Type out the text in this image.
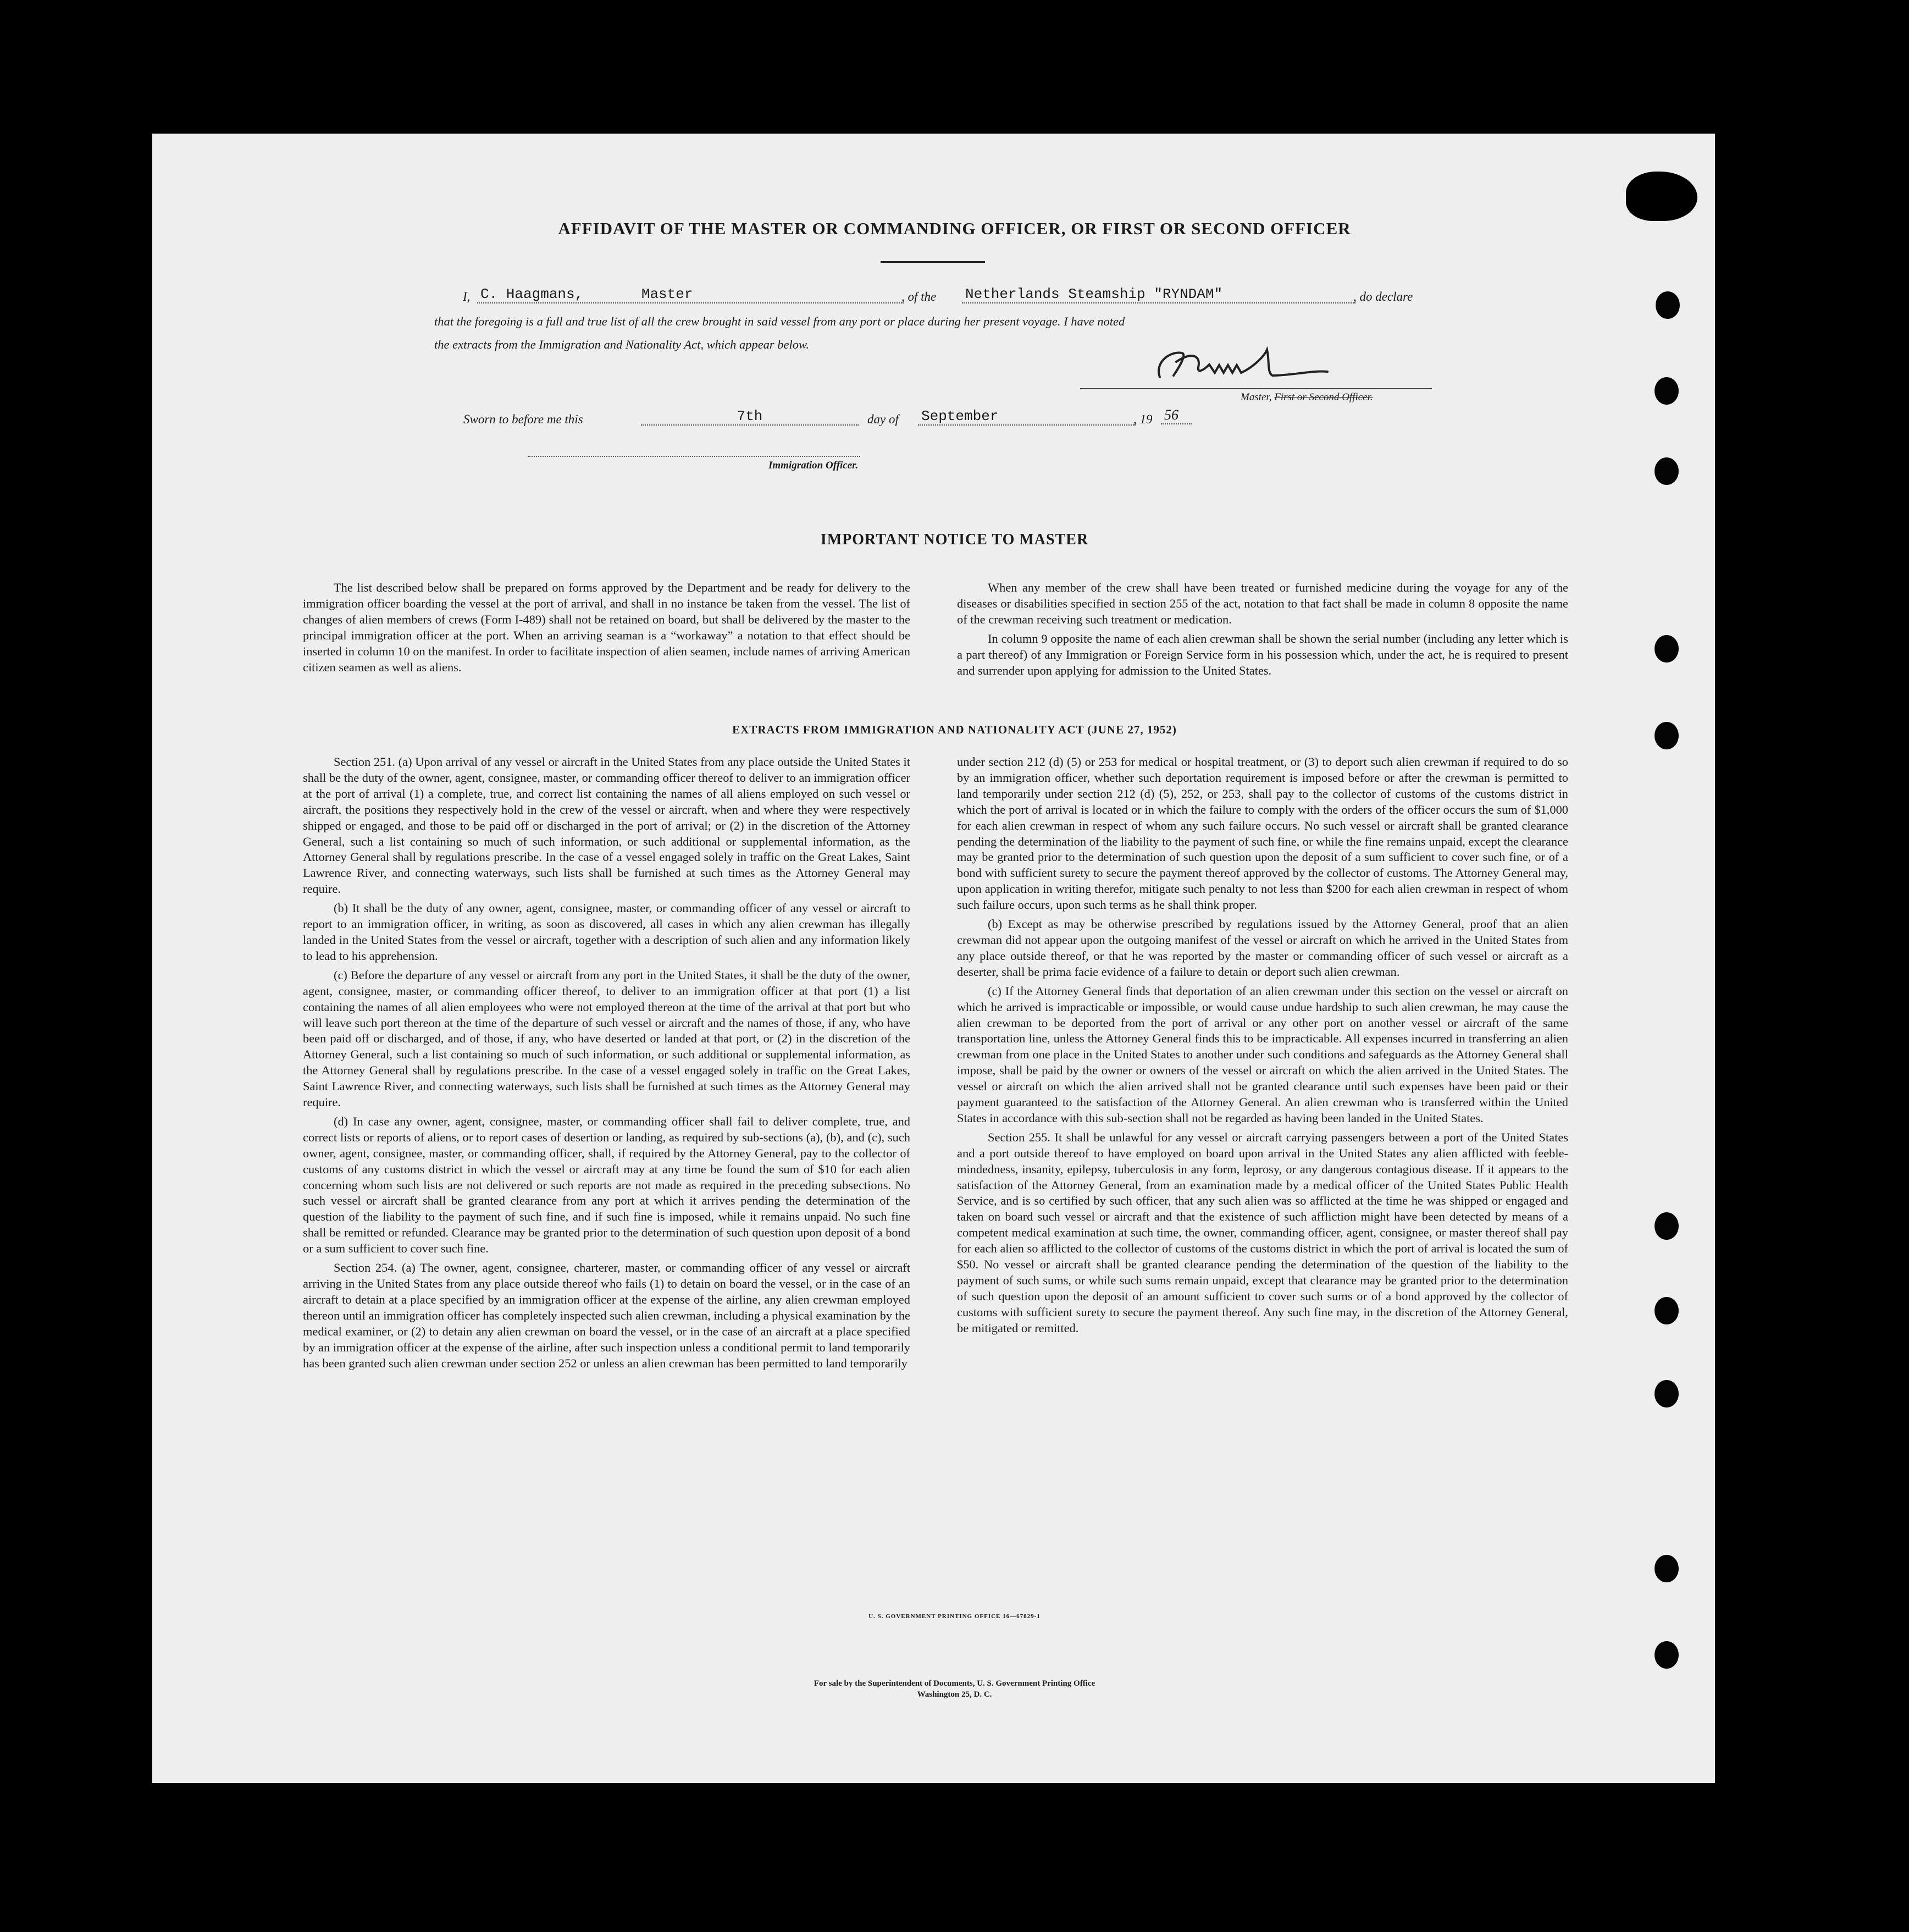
AFFIDAVIT OF THE MASTER OR COMMANDING OFFICER, OR FIRST OR SECOND OFFICER
I, C. Haagmans,	Master	, of the Netherlands Steamship "RYNDAM"	, do declare
that the foregoing is a full and true list of all the crew brought in said vessel from any port or place during her present voyage. I have noted
the extracts from the Immigration and Nationality Act, which appear below.
Master, First or Second Officer.
Sworn to before me this	7th	day of September	, 19 56
Immigration Officer.
IMPORTANT NOTICE TO MASTER

The list described below shall be prepared on forms approved by the Department and be ready for delivery to the immigration officer boarding the vessel at the port of arrival, and shall in no instance be taken from the vessel. The list of changes of alien members of crews (Form I-489) shall not be retained on board, but shall be delivered by the master to the principal immigration officer at the port. When an arriving seaman is a “workaway” a notation to that effect should be inserted in column 10 on the manifest. In order to facilitate inspection of alien seamen, include names of arriving American citizen seamen as well as aliens.

When any member of the crew shall have been treated or furnished medicine during the voyage for any of the diseases or disabilities specified in section 255 of the act, notation to that fact shall be made in column 8 opposite the name of the crewman receiving such treatment or medication.

In column 9 opposite the name of each alien crewman shall be shown the serial number (including any letter which is a part thereof) of any Immigration or Foreign Service form in his possession which, under the act, he is required to present and surrender upon applying for admission to the United States.

EXTRACTS FROM IMMIGRATION AND NATIONALITY ACT (JUNE 27, 1952)

Section 251. (a) Upon arrival of any vessel or aircraft in the United States from any place outside the United States it shall be the duty of the owner, agent, consignee, master, or commanding officer thereof to deliver to an immigration officer at the port of arrival (1) a complete, true, and correct list containing the names of all aliens employed on such vessel or aircraft, the positions they respectively hold in the crew of the vessel or aircraft, when and where they were respectively shipped or engaged, and those to be paid off or discharged in the port of arrival; or (2) in the discretion of the Attorney General, such a list containing so much of such information, or such additional or supplemental information, as the Attorney General shall by regulations prescribe. In the case of a vessel engaged solely in traffic on the Great Lakes, Saint Lawrence River, and connecting waterways, such lists shall be furnished at such times as the Attorney General may require.

(b) It shall be the duty of any owner, agent, consignee, master, or commanding officer of any vessel or aircraft to report to an immigration officer, in writing, as soon as discovered, all cases in which any alien crewman has illegally landed in the United States from the vessel or aircraft, together with a description of such alien and any information likely to lead to his apprehension.

(c) Before the departure of any vessel or aircraft from any port in the United States, it shall be the duty of the owner, agent, consignee, master, or commanding officer thereof, to deliver to an immigration officer at that port (1) a list containing the names of all alien employees who were not employed thereon at the time of the arrival at that port but who will leave such port thereon at the time of the departure of such vessel or aircraft and the names of those, if any, who have been paid off or discharged, and of those, if any, who have deserted or landed at that port, or (2) in the discretion of the Attorney General, such a list containing so much of such information, or such additional or supplemental information, as the Attorney General shall by regulations prescribe. In the case of a vessel engaged solely in traffic on the Great Lakes, Saint Lawrence River, and connecting waterways, such lists shall be furnished at such times as the Attorney General may require.

(d) In case any owner, agent, consignee, master, or commanding officer shall fail to deliver complete, true, and correct lists or reports of aliens, or to report cases of desertion or landing, as required by sub-sections (a), (b), and (c), such owner, agent, consignee, master, or commanding officer, shall, if required by the Attorney General, pay to the collector of customs of any customs district in which the vessel or aircraft may at any time be found the sum of $10 for each alien concerning whom such lists are not delivered or such reports are not made as required in the preceding subsections. No such vessel or aircraft shall be granted clearance from any port at which it arrives pending the determination of the question of the liability to the payment of such fine, and if such fine is imposed, while it remains unpaid. No such fine shall be remitted or refunded. Clearance may be granted prior to the determination of such question upon deposit of a bond or a sum sufficient to cover such fine.

Section 254. (a) The owner, agent, consignee, charterer, master, or commanding officer of any vessel or aircraft arriving in the United States from any place outside thereof who fails (1) to detain on board the vessel, or in the case of an aircraft to detain at a place specified by an immigration officer at the expense of the airline, any alien crewman employed thereon until an immigration officer has completely inspected such alien crewman, including a physical examination by the medical examiner, or (2) to detain any alien crewman on board the vessel, or in the case of an aircraft at a place specified by an immigration officer at the expense of the airline, after such inspection unless a conditional permit to land temporarily has been granted such alien crewman under section 252 or unless an alien crewman has been permitted to land temporarily

under section 212 (d) (5) or 253 for medical or hospital treatment, or (3) to deport such alien crewman if required to do so by an immigration officer, whether such deportation requirement is imposed before or after the crewman is permitted to land temporarily under section 212 (d) (5), 252, or 253, shall pay to the collector of customs of the customs district in which the port of arrival is located or in which the failure to comply with the orders of the officer occurs the sum of $1,000 for each alien crewman in respect of whom any such failure occurs. No such vessel or aircraft shall be granted clearance pending the determination of the liability to the payment of such fine, or while the fine remains unpaid, except the clearance may be granted prior to the determination of such question upon the deposit of a sum sufficient to cover such fine, or of a bond with sufficient surety to secure the payment thereof approved by the collector of customs. The Attorney General may, upon application in writing therefor, mitigate such penalty to not less than $200 for each alien crewman in respect of whom such failure occurs, upon such terms as he shall think proper.

(b) Except as may be otherwise prescribed by regulations issued by the Attorney General, proof that an alien crewman did not appear upon the outgoing manifest of the vessel or aircraft on which he arrived in the United States from any place outside thereof, or that he was reported by the master or commanding officer of such vessel or aircraft as a deserter, shall be prima facie evidence of a failure to detain or deport such alien crewman.

(c) If the Attorney General finds that deportation of an alien crewman under this section on the vessel or aircraft on which he arrived is impracticable or impossible, or would cause undue hardship to such alien crewman, he may cause the alien crewman to be deported from the port of arrival or any other port on another vessel or aircraft of the same transportation line, unless the Attorney General finds this to be impracticable. All expenses incurred in transferring an alien crewman from one place in the United States to another under such conditions and safeguards as the Attorney General shall impose, shall be paid by the owner or owners of the vessel or aircraft on which the alien arrived in the United States. The vessel or aircraft on which the alien arrived shall not be granted clearance until such expenses have been paid or their payment guaranteed to the satisfaction of the Attorney General. An alien crewman who is transferred within the United States in accordance with this sub-section shall not be regarded as having been landed in the United States.

Section 255. It shall be unlawful for any vessel or aircraft carrying passengers between a port of the United States and a port outside thereof to have employed on board upon arrival in the United States any alien afflicted with feeble-mindedness, insanity, epilepsy, tuberculosis in any form, leprosy, or any dangerous contagious disease. If it appears to the satisfaction of the Attorney General, from an examination made by a medical officer of the United States Public Health Service, and is so certified by such officer, that any such alien was so afflicted at the time he was shipped or engaged and taken on board such vessel or aircraft and that the existence of such affliction might have been detected by means of a competent medical examination at such time, the owner, commanding officer, agent, consignee, or master thereof shall pay for each alien so afflicted to the collector of customs of the customs district in which the port of arrival is located the sum of $50. No vessel or aircraft shall be granted clearance pending the determination of the question of the liability to the payment of such sums, or while such sums remain unpaid, except that clearance may be granted prior to the determination of such question upon the deposit of an amount sufficient to cover such sums or of a bond approved by the collector of customs with sufficient surety to secure the payment thereof. Any such fine may, in the discretion of the Attorney General, be mitigated or remitted.

U. S. GOVERNMENT PRINTING OFFICE 16—67829-1
For sale by the Superintendent of Documents, U. S. Government Printing Office
Washington 25, D. C.
